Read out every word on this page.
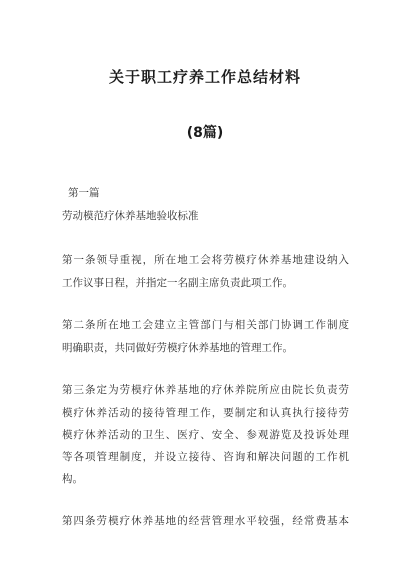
关于职工疗养工作总结材料
(8篇)
第一篇
劳动模范疗休养基地验收标准
第一条领导重视，所在地工会将劳模疗休养基地建设纳入
工作议事日程，并指定一名副主席负责此项工作。
第二条所在地工会建立主管部门与相关部门协调工作制度
明确职责，共同做好劳模疗休养基地的管理工作。
第三条定为劳模疗休养基地的疗休养院所应由院长负责劳
模疗休养活动的接待管理工作，要制定和认真执行接待劳
模疗休养活动的卫生、医疗、安全、参观游览及投诉处理
等各项管理制度，并设立接待、咨询和解决问题的工作机
构。
第四条劳模疗休养基地的经营管理水平较强，经常费基本
